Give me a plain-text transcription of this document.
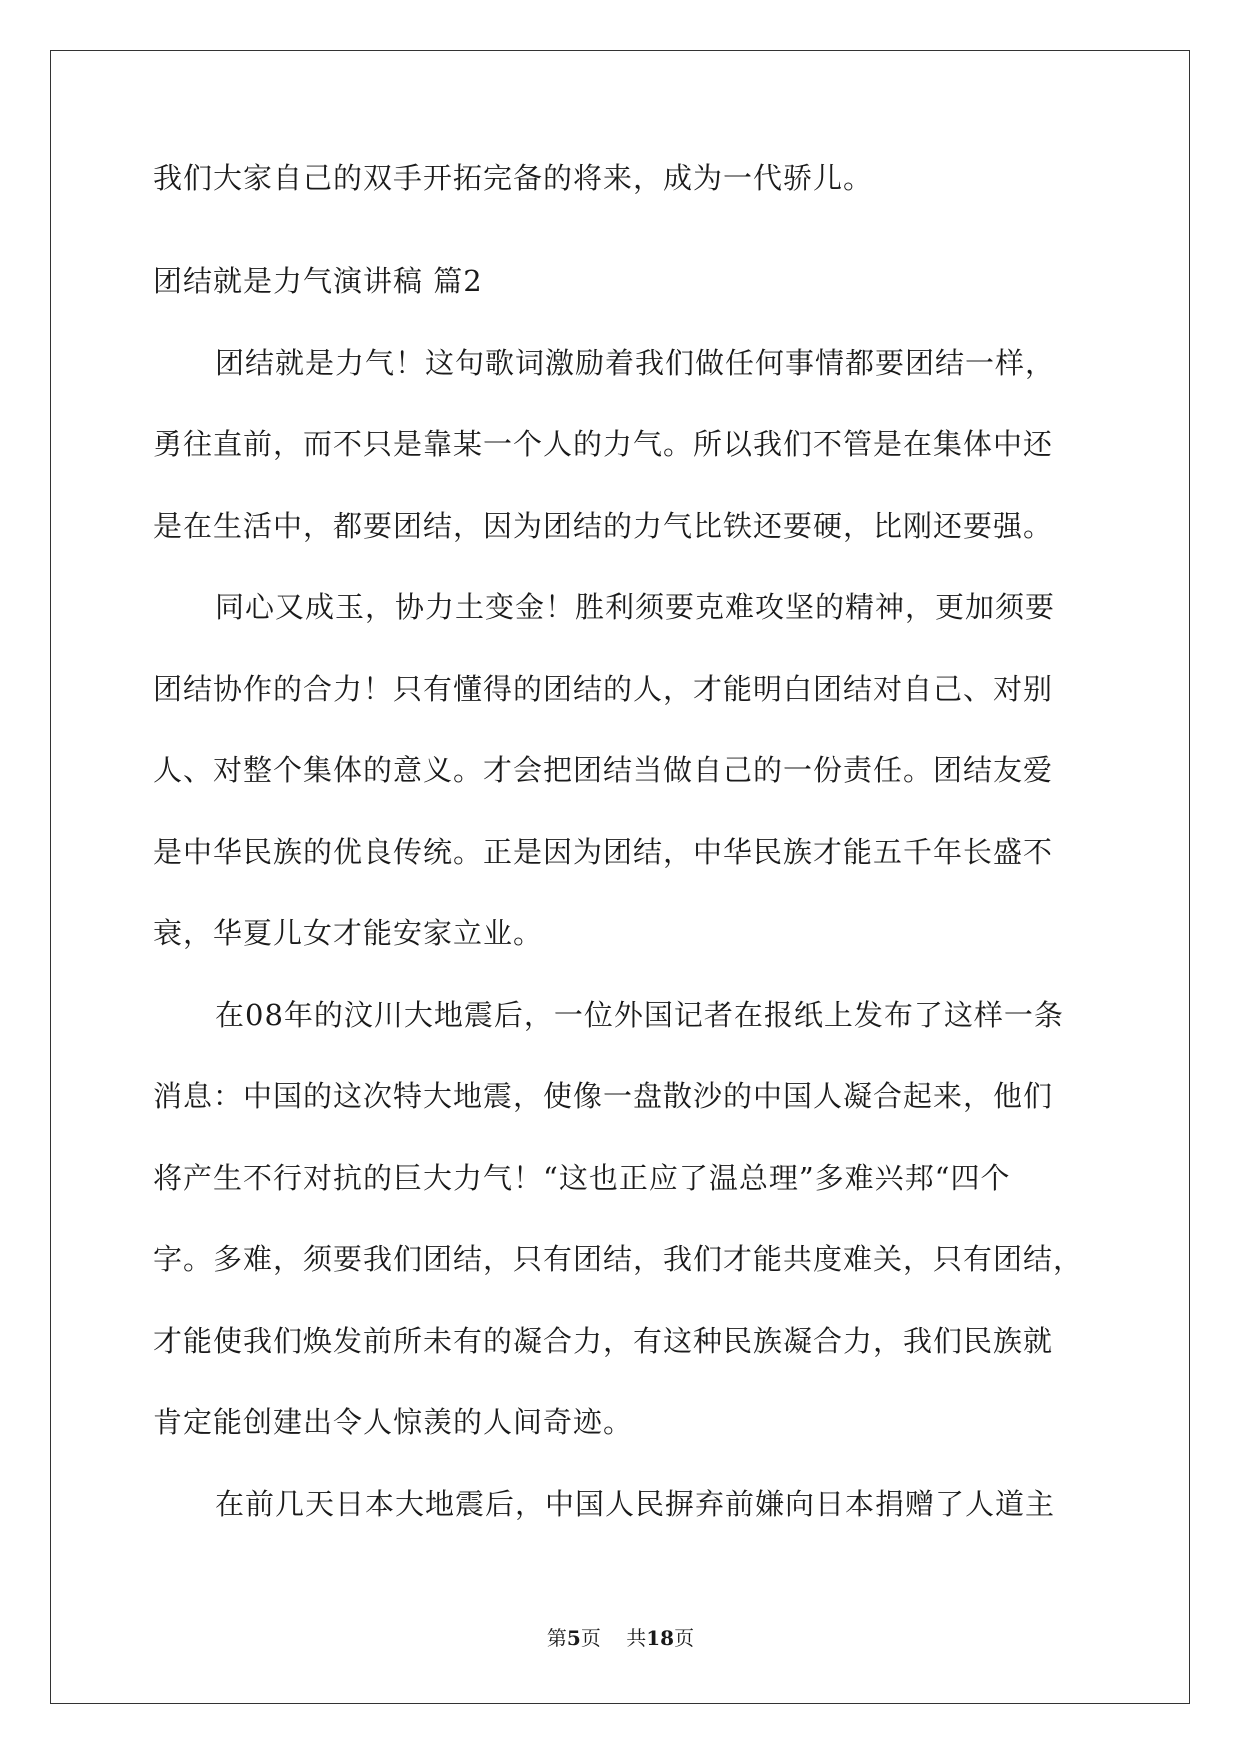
我们大家自己的双手开拓完备的将来，成为一代骄儿。
团结就是力气演讲稿 篇2
团结就是力气！这句歌词激励着我们做任何事情都要团结一样，
勇往直前，而不只是靠某一个人的力气。所以我们不管是在集体中还
是在生活中，都要团结，因为团结的力气比铁还要硬，比刚还要强。
同心又成玉，协力土变金！胜利须要克难攻坚的精神，更加须要
团结协作的合力！只有懂得的团结的人，才能明白团结对自己、对别
人、对整个集体的意义。才会把团结当做自己的一份责任。团结友爱
是中华民族的优良传统。正是因为团结，中华民族才能五千年长盛不
衰，华夏儿女才能安家立业。
在08年的汶川大地震后，一位外国记者在报纸上发布了这样一条
消息：中国的这次特大地震，使像一盘散沙的中国人凝合起来，他们
将产生不行对抗的巨大力气！“这也正应了温总理”多难兴邦“四个
字。多难，须要我们团结，只有团结，我们才能共度难关，只有团结，
才能使我们焕发前所未有的凝合力，有这种民族凝合力，我们民族就
肯定能创建出令人惊羡的人间奇迹。
在前几天日本大地震后，中国人民摒弃前嫌向日本捐赠了人道主
第5页 共18页
